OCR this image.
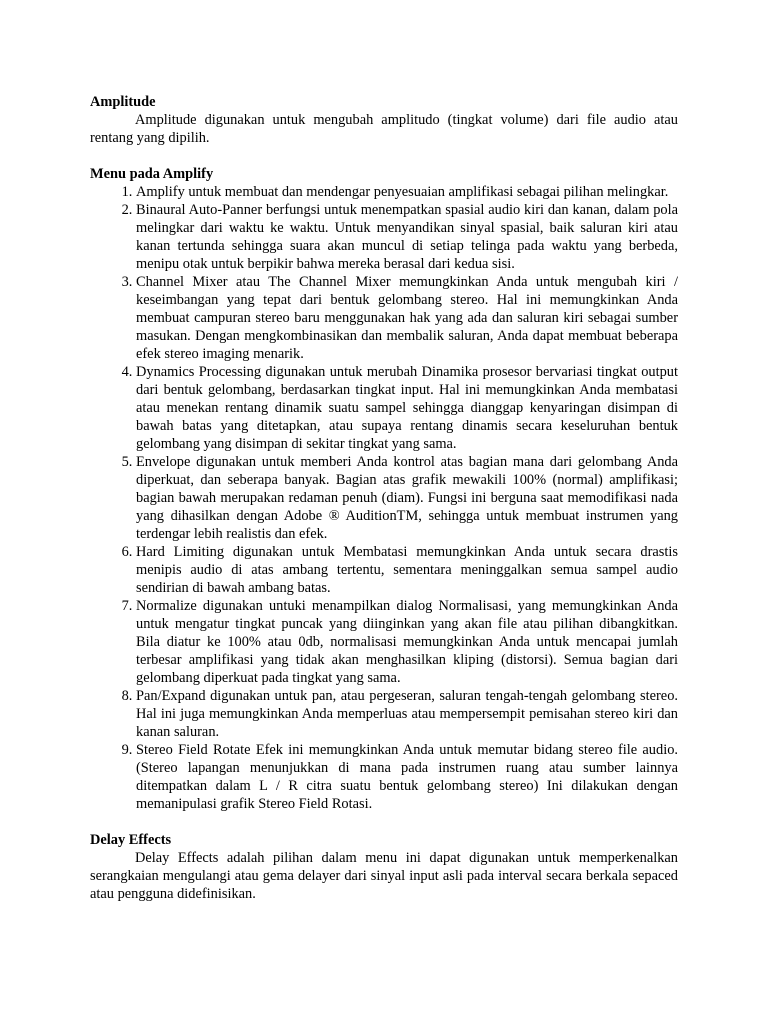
Amplitude

Amplitude digunakan untuk mengubah amplitudo (tingkat volume) dari file audio atau rentang yang dipilih.

Menu pada Amplify
1. Amplify untuk membuat dan mendengar penyesuaian amplifikasi sebagai pilihan melingkar.
2. Binaural Auto-Panner berfungsi untuk menempatkan spasial audio kiri dan kanan, dalam pola melingkar dari waktu ke waktu. Untuk menyandikan sinyal spasial, baik saluran kiri atau kanan tertunda sehingga suara akan muncul di setiap telinga pada waktu yang berbeda, menipu otak untuk berpikir bahwa mereka berasal dari kedua sisi.
3. Channel Mixer atau The Channel Mixer memungkinkan Anda untuk mengubah kiri / keseimbangan yang tepat dari bentuk gelombang stereo. Hal ini memungkinkan Anda membuat campuran stereo baru menggunakan hak yang ada dan saluran kiri sebagai sumber masukan. Dengan mengkombinasikan dan membalik saluran, Anda dapat membuat beberapa efek stereo imaging menarik.
4. Dynamics Processing digunakan untuk merubah Dinamika prosesor bervariasi tingkat output dari bentuk gelombang, berdasarkan tingkat input. Hal ini memungkinkan Anda membatasi atau menekan rentang dinamik suatu sampel sehingga dianggap kenyaringan disimpan di bawah batas yang ditetapkan, atau supaya rentang dinamis secara keseluruhan bentuk gelombang yang disimpan di sekitar tingkat yang sama.
5. Envelope digunakan untuk memberi Anda kontrol atas bagian mana dari gelombang Anda diperkuat, dan seberapa banyak. Bagian atas grafik mewakili 100% (normal) amplifikasi; bagian bawah merupakan redaman penuh (diam). Fungsi ini berguna saat memodifikasi nada yang dihasilkan dengan Adobe ® AuditionTM, sehingga untuk membuat instrumen yang terdengar lebih realistis dan efek.
6. Hard Limiting digunakan untuk Membatasi memungkinkan Anda untuk secara drastis menipis audio di atas ambang tertentu, sementara meninggalkan semua sampel audio sendirian di bawah ambang batas.
7. Normalize digunakan untuki menampilkan dialog Normalisasi, yang memungkinkan Anda untuk mengatur tingkat puncak yang diinginkan yang akan file atau pilihan dibangkitkan. Bila diatur ke 100% atau 0db, normalisasi memungkinkan Anda untuk mencapai jumlah terbesar amplifikasi yang tidak akan menghasilkan kliping (distorsi). Semua bagian dari gelombang diperkuat pada tingkat yang sama.
8. Pan/Expand digunakan untuk pan, atau pergeseran, saluran tengah-tengah gelombang stereo. Hal ini juga memungkinkan Anda memperluas atau mempersempit pemisahan stereo kiri dan kanan saluran.
9. Stereo Field Rotate Efek ini memungkinkan Anda untuk memutar bidang stereo file audio.(Stereo lapangan menunjukkan di mana pada instrumen ruang atau sumber lainnya ditempatkan dalam L / R citra suatu bentuk gelombang stereo) Ini dilakukan dengan memanipulasi grafik Stereo Field Rotasi.
Delay Effects

Delay Effects adalah pilihan dalam menu ini dapat digunakan untuk memperkenalkan serangkaian mengulangi atau gema delayer dari sinyal input asli pada interval secara berkala sepaced atau pengguna didefinisikan.
